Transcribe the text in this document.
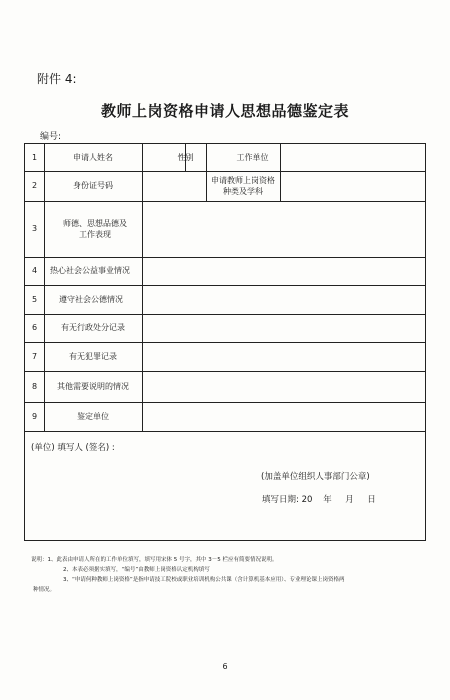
附件 4:
教师上岗资格申请人思想品德鉴定表
编号:
1
2
3
4
5
6
7
8
9
申请人姓名	性别	工作单位
身份证号码
申请教师上岗资格种类及学科
师德、思想品德及工作表现
热心社会公益事业情况
遵守社会公德情况
有无行政处分记录
有无犯罪记录
其他需要说明的情况
鉴定单位
(单位) 填写人 (签名) :
(加盖单位组织人事部门公章)
填写日期: 20    年     月     日
说明：1、此表由申请人所在的工作单位填写，填写用宋体 5 号字，其中 3－5 栏应有简要情况说明。
2、本表必须据实填写，“编号”由教师上岗资格认定机构填写
3、“申请何种教师上岗资格”是指申请技工院校或职业培训机构公共课（含计算机基本应用）、专业理论课上岗资格两
种情况。
6
